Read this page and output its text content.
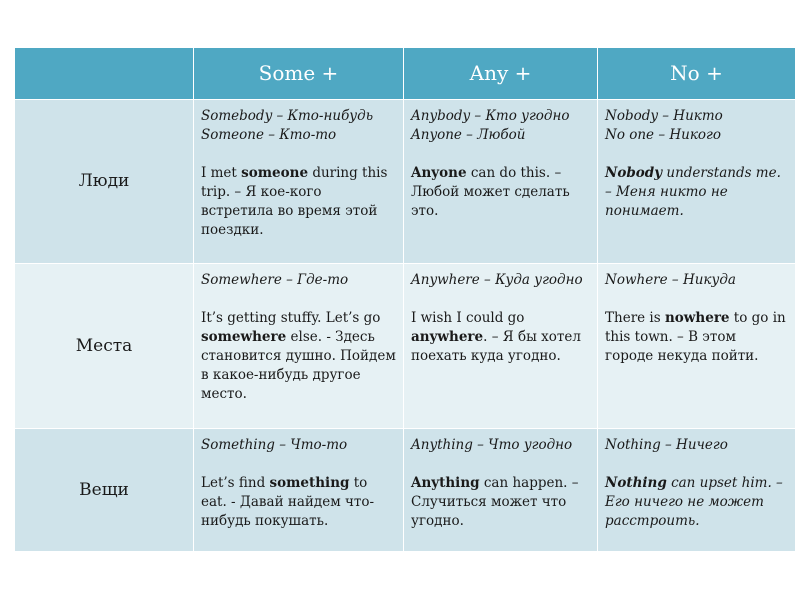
Some +	Any +	No +
Люди
Somebody – Кто-нибудь
Someone – Кто-то
I met someone during this trip. – Я кое-кого встретила во время этой поездки.
Anybody – Кто угодно
Anyone – Любой
Anyone can do this. – Любой может сделать это.
Nobody – Никто
No one – Никого
Nobody understands me. – Меня никто не понимает.
Места
Somewhere – Где-то
It’s getting stuffy. Let’s go somewhere else. - Здесь становится душно. Пойдем в какое-нибудь другое место.
Anywhere – Куда угодно
I wish I could go anywhere. – Я бы хотел поехать куда угодно.
Nowhere – Никуда
There is nowhere to go in this town. – В этом городе некуда пойти.
Вещи
Something – Что-то
Let’s find something to eat. - Давай найдем что-нибудь покушать.
Anything – Что угодно
Anything can happen. – Случиться может что угодно.
Nothing – Ничего
Nothing can upset him. – Его ничего не может расстроить.
